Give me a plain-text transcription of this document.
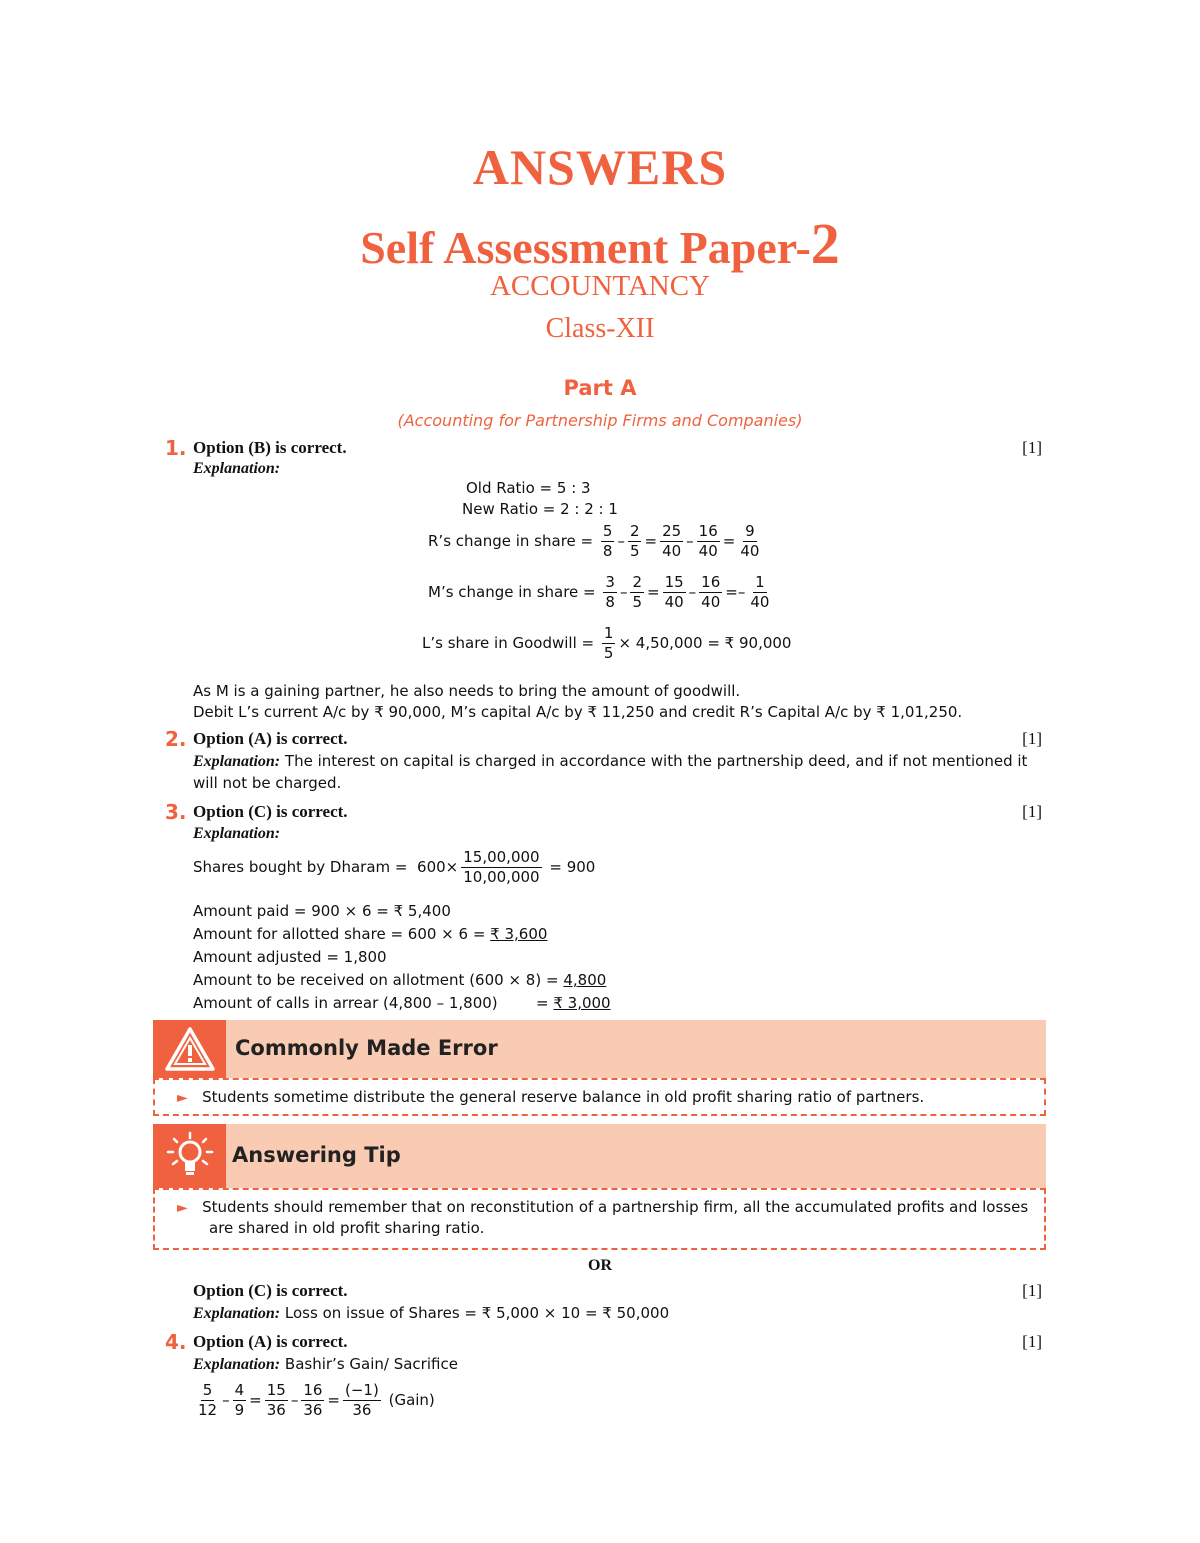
ANSWERS
Self Assessment Paper-2
ACCOUNTANCY
Class-XII
Part A
(Accounting for Partnership Firms and Companies)
1. Option (B) is correct.	[1]
Explanation:
Old Ratio = 5 : 3
New Ratio = 2 : 2 : 1
R’s change in share =
$\frac{5}{8} - \frac{2}{5} = \frac{25}{40} - \frac{16}{40} = \frac{9}{40}$
M’s change in share =
$\frac{3}{8} - \frac{2}{5} = \frac{15}{40} - \frac{16}{40}$ = – $\frac{1}{40}$
L’s share in Goodwill =
$\frac{1}{5} \times 4,50,000$ = ₹ 90,000
As M is a gaining partner, he also needs to bring the amount of goodwill.
Debit L’s current A/c by ₹ 90,000, M’s capital A/c by ₹ 11,250 and credit R’s Capital A/c by ₹ 1,01,250.
2. Option (A) is correct.	[1]
Explanation: The interest on capital is charged in accordance with the partnership deed, and if not mentioned it
will not be charged.
3. Option (C) is correct.	[1]
Explanation:
Shares bought by Dharam =
$600\times \frac{15,00,000}{10,00,000}$
= 900
Amount paid = 900 × 6 = ₹ 5,400
Amount for allotted share = 600 × 6 = ₹ 3,600
Amount adjusted = 1,800
Amount to be received on allotment (600 × 8) = 4,800
Amount of calls in arrear (4,800 – 1,800)	= ₹ 3,000
Commonly Made Error
► Students sometime distribute the general reserve balance in old profit sharing ratio of partners.
Answering Tip
► Students should remember that on reconstitution of a partnership firm, all the accumulated profits and losses
are shared in old profit sharing ratio.
OR
Option (C) is correct.	[1]
Explanation: Loss on issue of Shares = ₹ 5,000 × 10 = ₹ 50,000
4. Option (A) is correct.	[1]
Explanation: Bashir’s Gain/ Sacrifice
$\frac{5}{12} - \frac{4}{9} = \frac{15}{36} - \frac{16}{36} = \frac{(-1)}{36}$
(Gain)
